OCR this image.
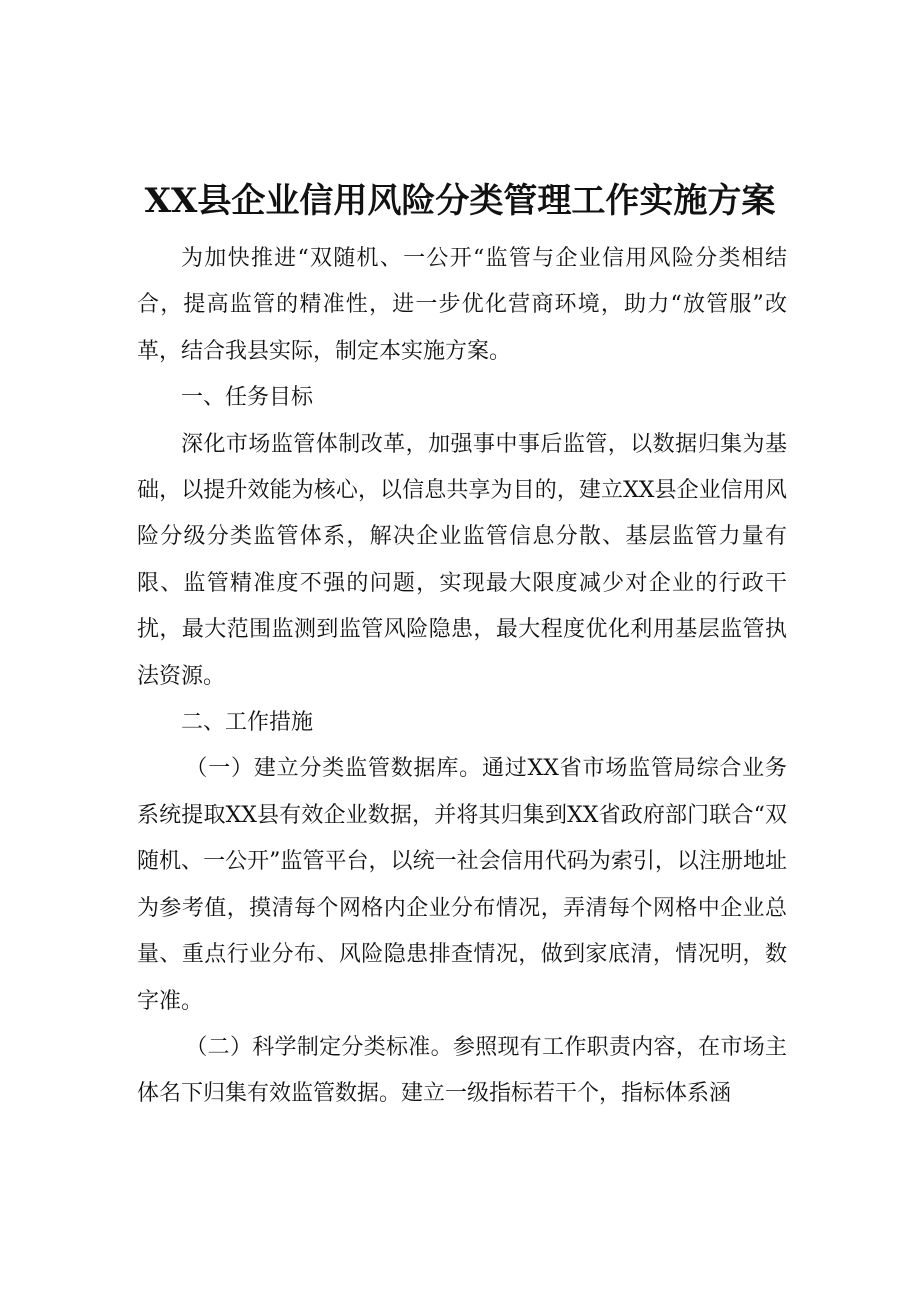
XX县企业信用风险分类管理工作实施方案

为加快推进“双随机、一公开“监管与企业信用风险分类相结合，提高监管的精准性，进一步优化营商环境，助力“放管服”改革，结合我县实际，制定本实施方案。

一、任务目标

深化市场监管体制改革，加强事中事后监管，以数据归集为基础，以提升效能为核心，以信息共享为目的，建立XX县企业信用风险分级分类监管体系，解决企业监管信息分散、基层监管力量有限、监管精准度不强的问题，实现最大限度减少对企业的行政干扰，最大范围监测到监管风险隐患，最大程度优化利用基层监管执法资源。

二、工作措施

（一）建立分类监管数据库。通过XX省市场监管局综合业务系统提取XX县有效企业数据，并将其归集到XX省政府部门联合“双随机、一公开”监管平台，以统一社会信用代码为索引，以注册地址为参考值，摸清每个网格内企业分布情况，弄清每个网格中企业总量、重点行业分布、风险隐患排查情况，做到家底清，情况明，数字准。

（二）科学制定分类标准。参照现有工作职责内容，在市场主体名下归集有效监管数据。建立一级指标若干个，指标体系涵
